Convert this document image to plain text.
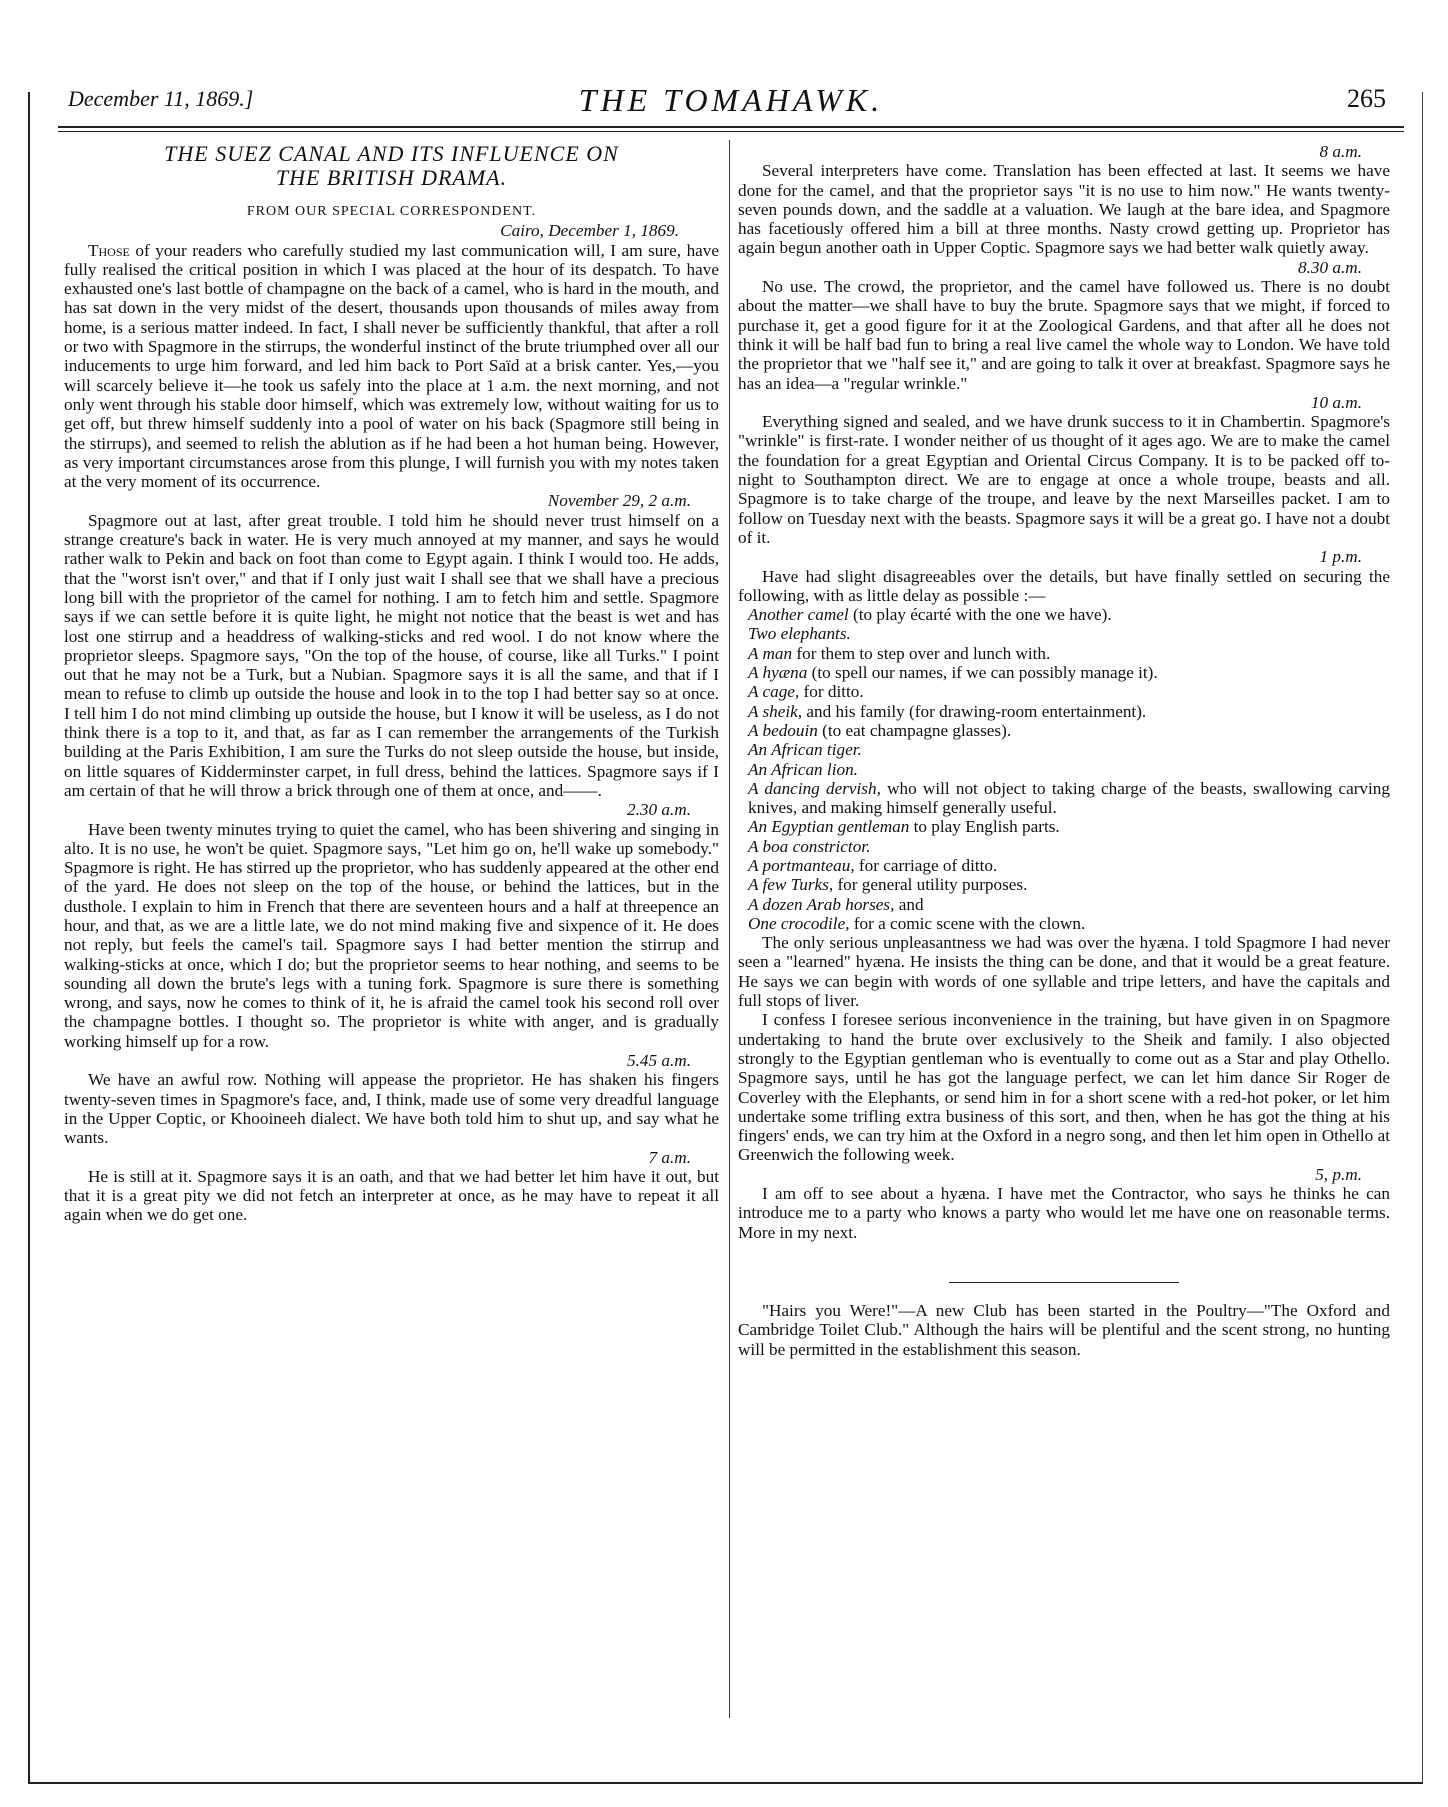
December 11, 1869.]	THE TOMAHAWK.	265
THE SUEZ CANAL AND ITS INFLUENCE ON
THE BRITISH DRAMA.

FROM OUR SPECIAL CORRESPONDENT.

Cairo, December 1, 1869.

Those of your readers who carefully studied my last communication will, I am sure, have fully realised the critical position in which I was placed at the hour of its despatch. To have exhausted one's last bottle of champagne on the back of a camel, who is hard in the mouth, and has sat down in the very midst of the desert, thousands upon thousands of miles away from home, is a serious matter indeed. In fact, I shall never be sufficiently thankful, that after a roll or two with Spagmore in the stirrups, the wonderful instinct of the brute triumphed over all our inducements to urge him forward, and led him back to Port Saïd at a brisk canter. Yes,—you will scarcely believe it—he took us safely into the place at 1 a.m. the next morning, and not only went through his stable door himself, which was extremely low, without waiting for us to get off, but threw himself suddenly into a pool of water on his back (Spagmore still being in the stirrups), and seemed to relish the ablution as if he had been a hot human being. However, as very important circumstances arose from this plunge, I will furnish you with my notes taken at the very moment of its occurrence.

November 29, 2 a.m.

Spagmore out at last, after great trouble. I told him he should never trust himself on a strange creature's back in water. He is very much annoyed at my manner, and says he would rather walk to Pekin and back on foot than come to Egypt again. I think I would too. He adds, that the "worst isn't over," and that if I only just wait I shall see that we shall have a precious long bill with the proprietor of the camel for nothing. I am to fetch him and settle. Spagmore says if we can settle before it is quite light, he might not notice that the beast is wet and has lost one stirrup and a headdress of walking-sticks and red wool. I do not know where the proprietor sleeps. Spagmore says, "On the top of the house, of course, like all Turks." I point out that he may not be a Turk, but a Nubian. Spagmore says it is all the same, and that if I mean to refuse to climb up outside the house and look in to the top I had better say so at once. I tell him I do not mind climbing up outside the house, but I know it will be useless, as I do not think there is a top to it, and that, as far as I can remember the arrangements of the Turkish building at the Paris Exhibition, I am sure the Turks do not sleep outside the house, but inside, on little squares of Kidderminster carpet, in full dress, behind the lattices. Spagmore says if I am certain of that he will throw a brick through one of them at once, and——.

2.30 a.m.

Have been twenty minutes trying to quiet the camel, who has been shivering and singing in alto. It is no use, he won't be quiet. Spagmore says, "Let him go on, he'll wake up somebody." Spagmore is right. He has stirred up the proprietor, who has suddenly appeared at the other end of the yard. He does not sleep on the top of the house, or behind the lattices, but in the dusthole. I explain to him in French that there are seventeen hours and a half at threepence an hour, and that, as we are a little late, we do not mind making five and sixpence of it. He does not reply, but feels the camel's tail. Spagmore says I had better mention the stirrup and walking-sticks at once, which I do; but the proprietor seems to hear nothing, and seems to be sounding all down the brute's legs with a tuning fork. Spagmore is sure there is something wrong, and says, now he comes to think of it, he is afraid the camel took his second roll over the champagne bottles. I thought so. The proprietor is white with anger, and is gradually working himself up for a row.

5.45 a.m.

We have an awful row. Nothing will appease the proprietor. He has shaken his fingers twenty-seven times in Spagmore's face, and, I think, made use of some very dreadful language in the Upper Coptic, or Khooineeh dialect. We have both told him to shut up, and say what he wants.

7 a.m.

He is still at it. Spagmore says it is an oath, and that we had better let him have it out, but that it is a great pity we did not fetch an interpreter at once, as he may have to repeat it all again when we do get one.

8 a.m.

Several interpreters have come. Translation has been effected at last. It seems we have done for the camel, and that the proprietor says "it is no use to him now." He wants twenty-seven pounds down, and the saddle at a valuation. We laugh at the bare idea, and Spagmore has facetiously offered him a bill at three months. Nasty crowd getting up. Proprietor has again begun another oath in Upper Coptic. Spagmore says we had better walk quietly away.

8.30 a.m.

No use. The crowd, the proprietor, and the camel have followed us. There is no doubt about the matter—we shall have to buy the brute. Spagmore says that we might, if forced to purchase it, get a good figure for it at the Zoological Gardens, and that after all he does not think it will be half bad fun to bring a real live camel the whole way to London. We have told the proprietor that we "half see it," and are going to talk it over at breakfast. Spagmore says he has an idea—a "regular wrinkle."

10 a.m.

Everything signed and sealed, and we have drunk success to it in Chambertin. Spagmore's "wrinkle" is first-rate. I wonder neither of us thought of it ages ago. We are to make the camel the foundation for a great Egyptian and Oriental Circus Company. It is to be packed off to-night to Southampton direct. We are to engage at once a whole troupe, beasts and all. Spagmore is to take charge of the troupe, and leave by the next Marseilles packet. I am to follow on Tuesday next with the beasts. Spagmore says it will be a great go. I have not a doubt of it.

1 p.m.

Have had slight disagreeables over the details, but have finally settled on securing the following, with as little delay as possible :—

Another camel (to play écarté with the one we have).
Two elephants.
A man for them to step over and lunch with.
A hyæna (to spell our names, if we can possibly manage it).
A cage, for ditto.
A sheik, and his family (for drawing-room entertainment).
A bedouin (to eat champagne glasses).
An African tiger.
An African lion.
A dancing dervish, who will not object to taking charge of the beasts, swallowing carving knives, and making himself generally useful.
An Egyptian gentleman to play English parts.
A boa constrictor.
A portmanteau, for carriage of ditto.
A few Turks, for general utility purposes.
A dozen Arab horses, and
One crocodile, for a comic scene with the clown.

The only serious unpleasantness we had was over the hyæna. I told Spagmore I had never seen a "learned" hyæna. He insists the thing can be done, and that it would be a great feature. He says we can begin with words of one syllable and tripe letters, and have the capitals and full stops of liver.

I confess I foresee serious inconvenience in the training, but have given in on Spagmore undertaking to hand the brute over exclusively to the Sheik and family. I also objected strongly to the Egyptian gentleman who is eventually to come out as a Star and play Othello. Spagmore says, until he has got the language perfect, we can let him dance Sir Roger de Coverley with the Elephants, or send him in for a short scene with a red-hot poker, or let him undertake some trifling extra business of this sort, and then, when he has got the thing at his fingers' ends, we can try him at the Oxford in a negro song, and then let him open in Othello at Greenwich the following week.

5, p.m.

I am off to see about a hyæna. I have met the Contractor, who says he thinks he can introduce me to a party who knows a party who would let me have one on reasonable terms. More in my next.

"Hairs you Were!"—A new Club has been started in the Poultry—"The Oxford and Cambridge Toilet Club." Although the hairs will be plentiful and the scent strong, no hunting will be permitted in the establishment this season.
